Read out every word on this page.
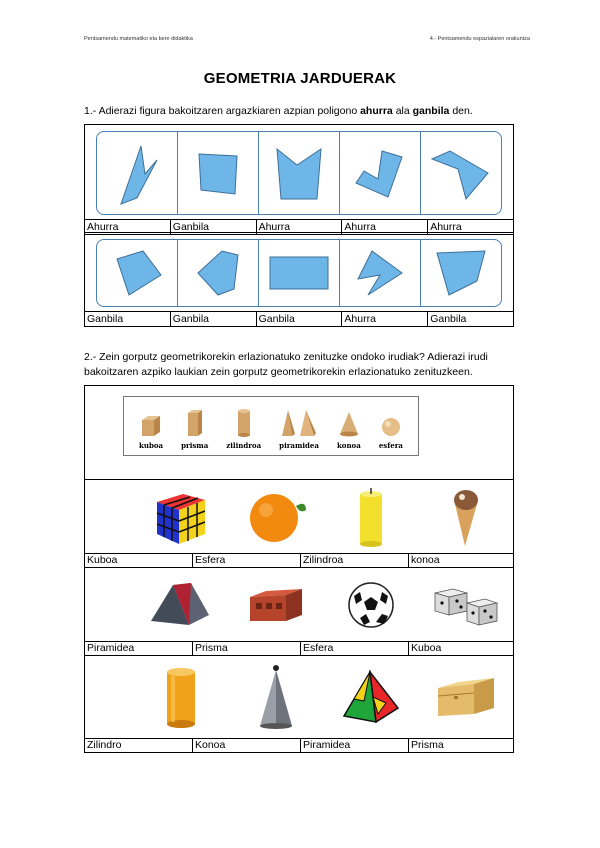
Pentsamendu matematiko eta bere didaktika	4.- Pentsamendu espazialaren orakuntza
GEOMETRIA JARDUERAK

1.- Adierazi figura bakoitzaren argazkiaren azpian poligono ahurra ala ganbila den.

Ahurra	Ganbila	Ahurra	Ahurra	Ahurra
Ganbila	Ganbila	Ganbila	Ahurra	Ganbila

2.- Zein gorputz geometrikorekin erlazionatuko zenituzke ondoko irudiak? Adierazi irudi bakoitzaren azpiko laukian zein gorputz geometrikorekin erlazionatuko zenituzkeen.

kuboa	prisma	zilindroa	piramidea	konoa	esfera
Kuboa	Esfera	Zilindroa	konoa
Piramidea	Prisma	Esfera	Kuboa
Zilindro	Konoa	Piramidea	Prisma
